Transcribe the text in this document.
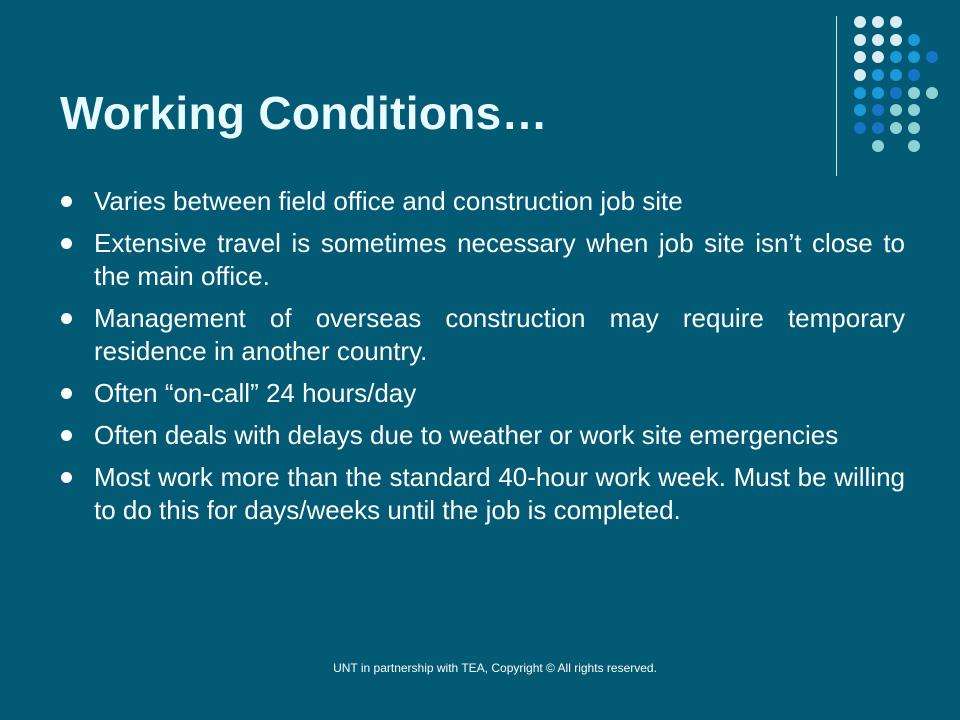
Working Conditions…
Varies between field office and construction job site
Extensive travel is sometimes necessary when job site isn’t close to the main office.
Management of overseas construction may require temporary residence in another country.
Often “on-call” 24 hours/day
Often deals with delays due to weather or work site emergencies
Most work more than the standard 40-hour work week. Must be willing to do this for days/weeks until the job is completed.
UNT in partnership with TEA, Copyright © All rights reserved.
